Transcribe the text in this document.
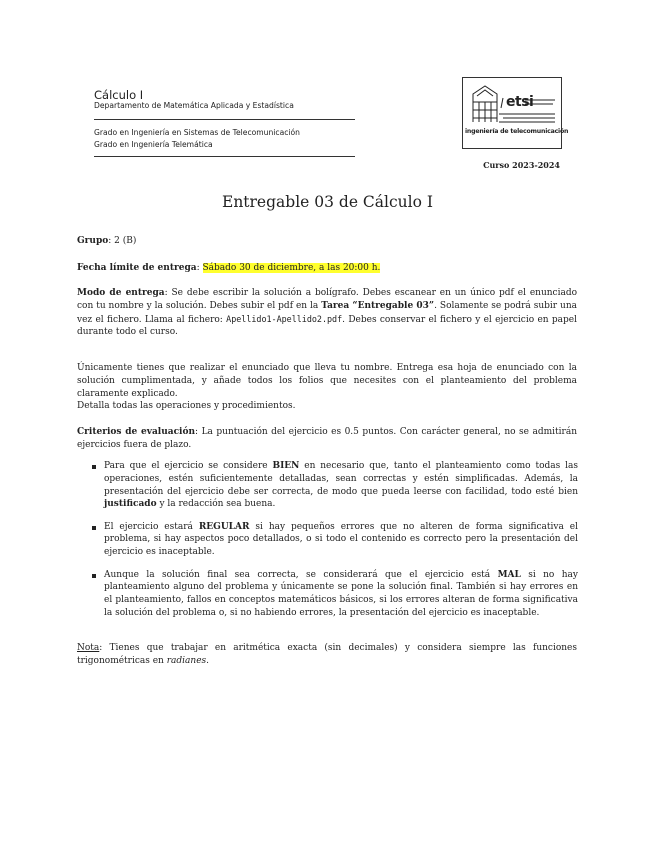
Cálculo I
Departamento de Matemática Aplicada y Estadística
Grado en Ingeniería en Sistemas de Telecomunicación
Grado en Ingeniería Telemática
etsi
ingeniería de telecomunicación
Curso 2023-2024
Entregable 03 de Cálculo I
Grupo: 2 (B)
Fecha límite de entrega: Sábado 30 de diciembre, a las 20:00 h.
Modo de entrega: Se debe escribir la solución a bolígrafo. Debes escanear en un único pdf el enunciado con tu nombre y la solución. Debes subir el pdf en la Tarea “Entregable 03”. Solamente se podrá subir una vez el fichero. Llama al fichero: Apellido1-Apellido2.pdf. Debes conservar el fichero y el ejercicio en papel durante todo el curso.
Únicamente tienes que realizar el enunciado que lleva tu nombre. Entrega esa hoja de enunciado con la solución cumplimentada, y añade todos los folios que necesites con el planteamiento del problema claramente explicado.
Detalla todas las operaciones y procedimientos.
Criterios de evaluación: La puntuación del ejercicio es 0.5 puntos. Con carácter general, no se admitirán ejercicios fuera de plazo.
Para que el ejercicio se considere BIEN en necesario que, tanto el planteamiento como todas las operaciones, estén suficientemente detalladas, sean correctas y estén simplificadas. Además, la presentación del ejercicio debe ser correcta, de modo que pueda leerse con facilidad, todo esté bien justificado y la redacción sea buena.
El ejercicio estará REGULAR si hay pequeños errores que no alteren de forma significativa el problema, si hay aspectos poco detallados, o si todo el contenido es correcto pero la presentación del ejercicio es inaceptable.
Aunque la solución final sea correcta, se considerará que el ejercicio está MAL si no hay planteamiento alguno del problema y únicamente se pone la solución final. También si hay errores en el planteamiento, fallos en conceptos matemáticos básicos, si los errores alteran de forma significativa la solución del problema o, si no habiendo errores, la presentación del ejercicio es inaceptable.
Nota: Tienes que trabajar en aritmética exacta (sin decimales) y considera siempre las funciones trigonométricas en radianes.
